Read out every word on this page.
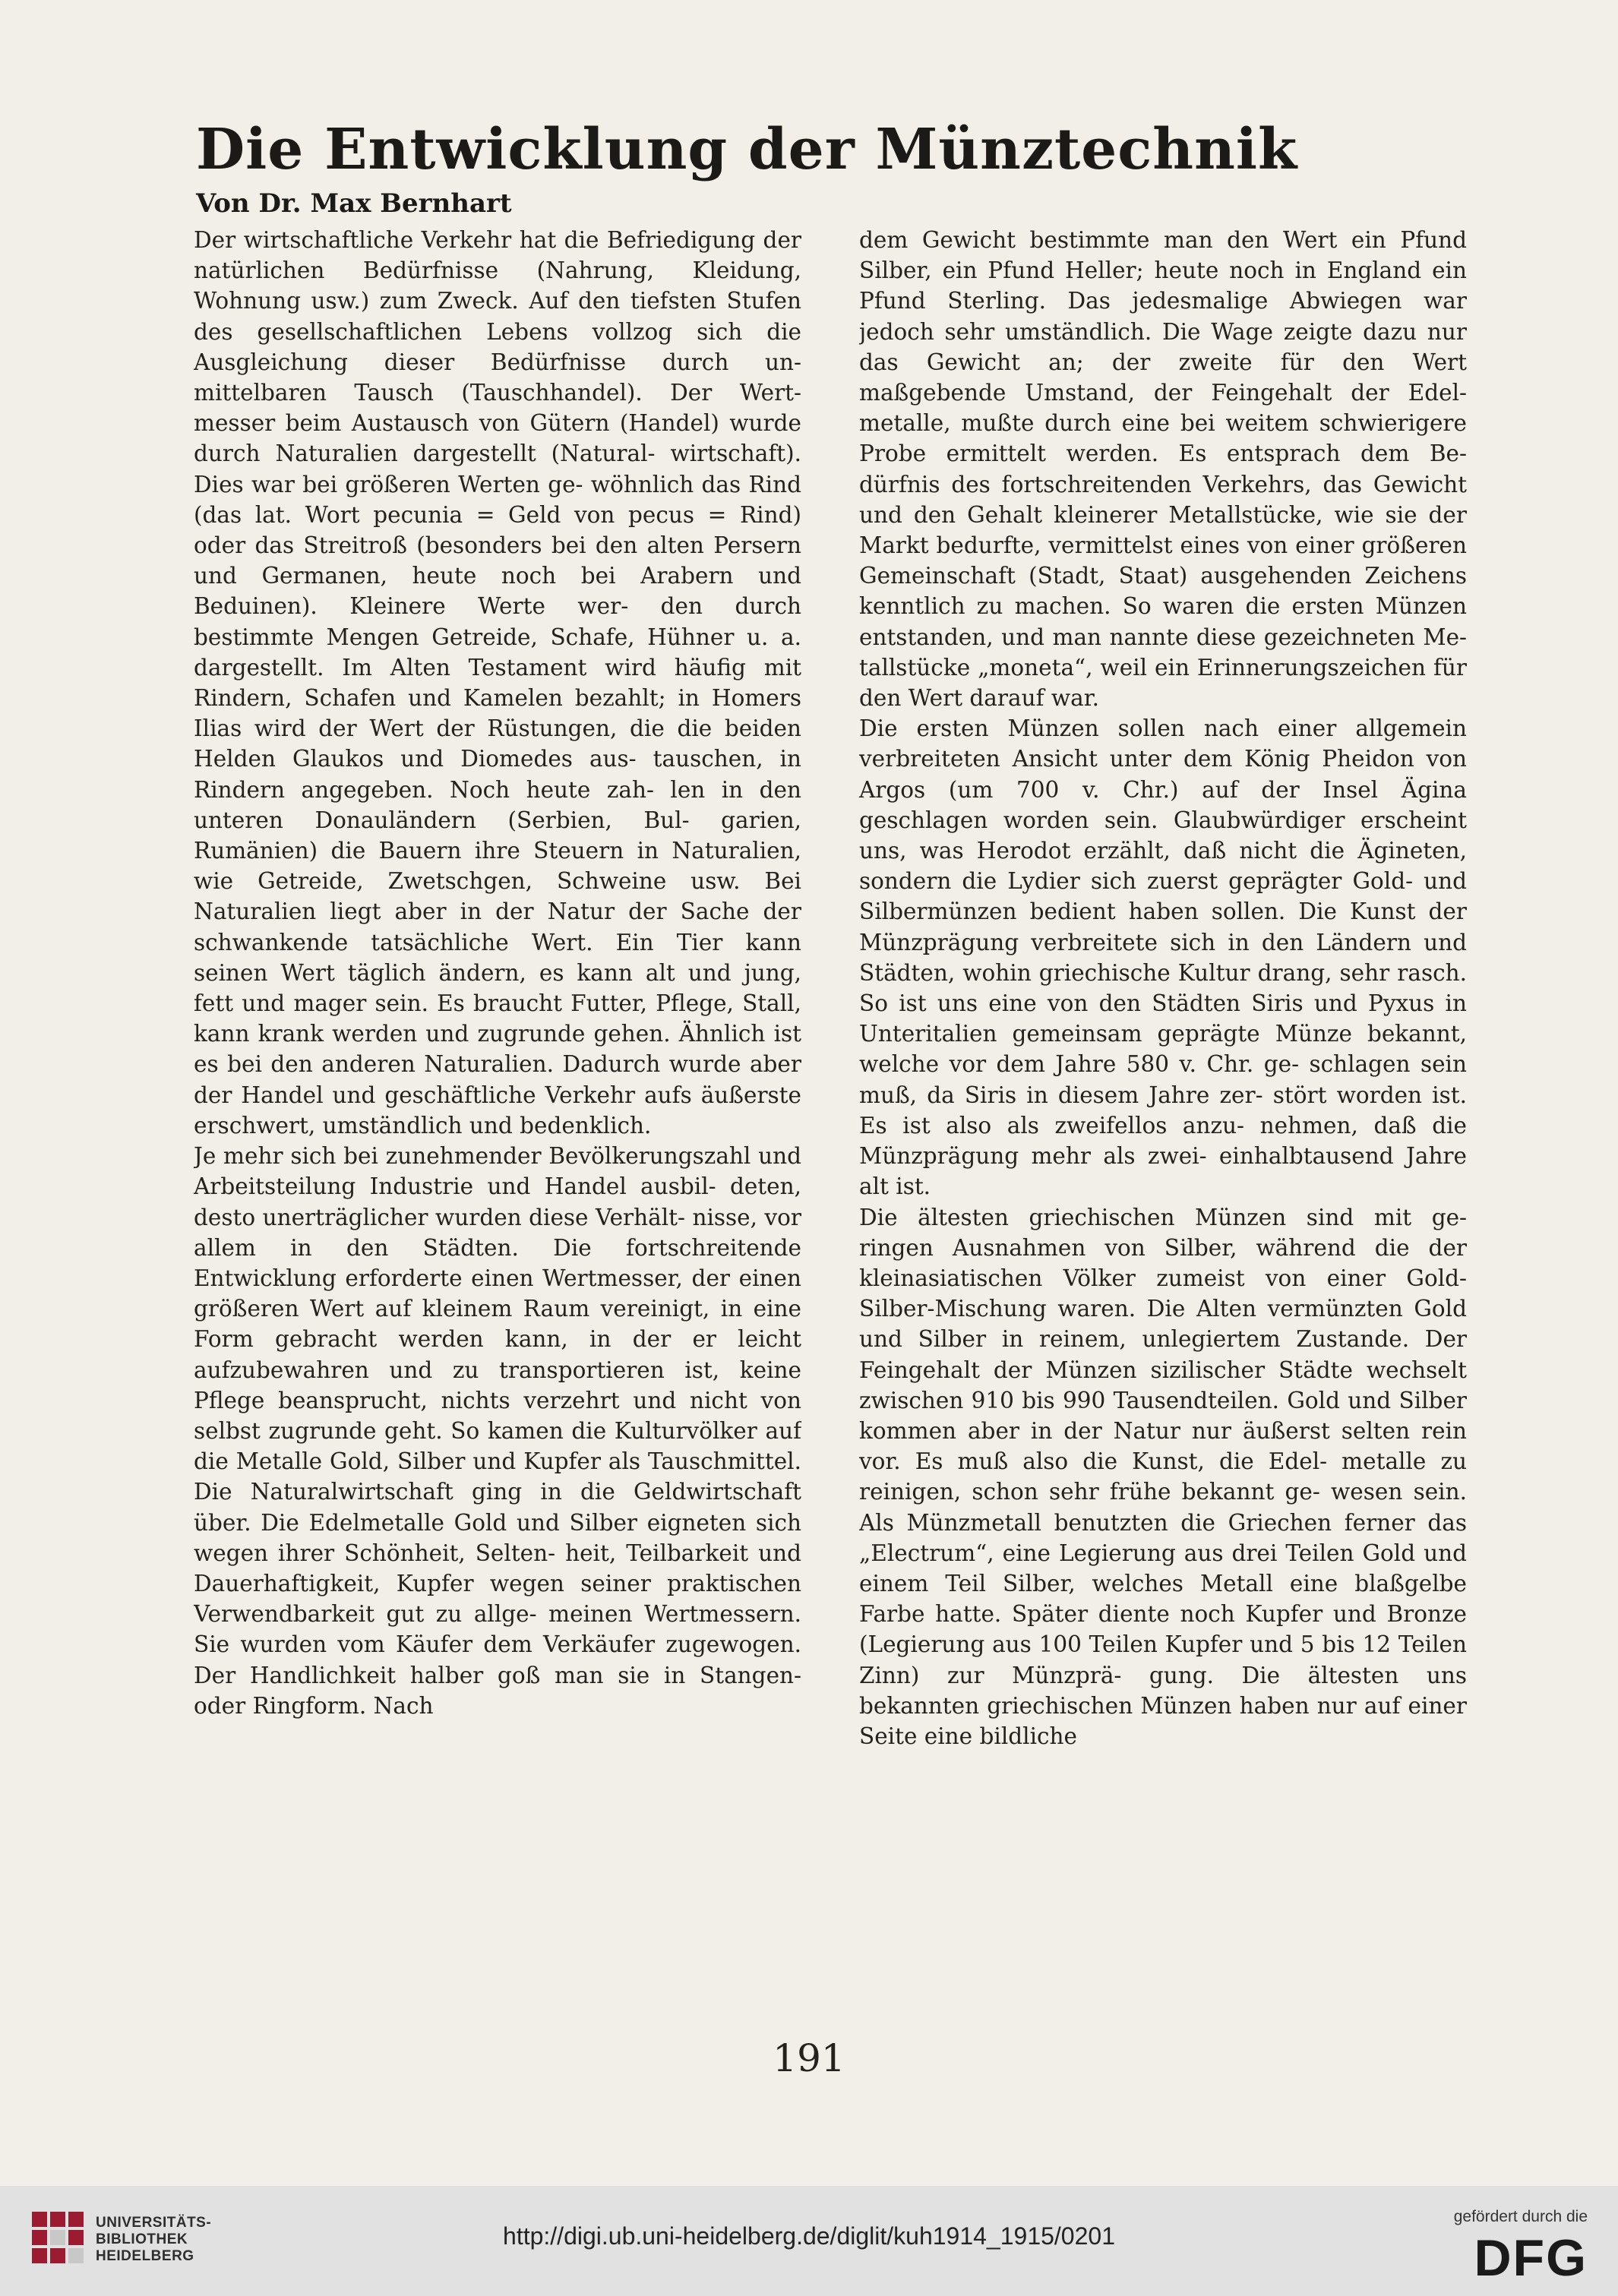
Die Entwicklung der Münztechnik
Von Dr. Max Bernhart

Der wirtschaftliche Verkehr hat die Befriedigung der natürlichen Bedürfnisse (Nahrung, Kleidung, Wohnung usw.) zum Zweck. Auf den tiefsten Stufen des gesellschaftlichen Lebens vollzog sich die Ausgleichung dieser Bedürfnisse durch un- mittelbaren Tausch (Tauschhandel). Der Wert- messer beim Austausch von Gütern (Handel) wurde durch Naturalien dargestellt (Natural- wirtschaft). Dies war bei größeren Werten ge- wöhnlich das Rind (das lat. Wort pecunia = Geld von pecus = Rind) oder das Streitroß (besonders bei den alten Persern und Germanen, heute noch bei Arabern und Beduinen). Kleinere Werte wer- den durch bestimmte Mengen Getreide, Schafe, Hühner u. a. dargestellt. Im Alten Testament wird häufig mit Rindern, Schafen und Kamelen bezahlt; in Homers Ilias wird der Wert der Rüstungen, die die beiden Helden Glaukos und Diomedes aus- tauschen, in Rindern angegeben. Noch heute zah- len in den unteren Donauländern (Serbien, Bul- garien, Rumänien) die Bauern ihre Steuern in Naturalien, wie Getreide, Zwetschgen, Schweine usw. Bei Naturalien liegt aber in der Natur der Sache der schwankende tatsächliche Wert. Ein Tier kann seinen Wert täglich ändern, es kann alt und jung, fett und mager sein. Es braucht Futter, Pflege, Stall, kann krank werden und zugrunde gehen. Ähnlich ist es bei den anderen Naturalien. Dadurch wurde aber der Handel und geschäftliche Verkehr aufs äußerste erschwert, umständlich und bedenklich.

Je mehr sich bei zunehmender Bevölkerungszahl und Arbeitsteilung Industrie und Handel ausbil- deten, desto unerträglicher wurden diese Verhält- nisse, vor allem in den Städten. Die fortschreitende Entwicklung erforderte einen Wertmesser, der einen größeren Wert auf kleinem Raum vereinigt, in eine Form gebracht werden kann, in der er leicht aufzubewahren und zu transportieren ist, keine Pflege beansprucht, nichts verzehrt und nicht von selbst zugrunde geht. So kamen die Kulturvölker auf die Metalle Gold, Silber und Kupfer als Tauschmittel. Die Naturalwirtschaft ging in die Geldwirtschaft über. Die Edelmetalle Gold und Silber eigneten sich wegen ihrer Schönheit, Selten- heit, Teilbarkeit und Dauerhaftigkeit, Kupfer wegen seiner praktischen Verwendbarkeit gut zu allge- meinen Wertmessern. Sie wurden vom Käufer dem Verkäufer zugewogen. Der Handlichkeit halber goß man sie in Stangen- oder Ringform. Nach

dem Gewicht bestimmte man den Wert ein Pfund Silber, ein Pfund Heller; heute noch in England ein Pfund Sterling. Das jedesmalige Abwiegen war jedoch sehr umständlich. Die Wage zeigte dazu nur das Gewicht an; der zweite für den Wert maßgebende Umstand, der Feingehalt der Edel- metalle, mußte durch eine bei weitem schwierigere Probe ermittelt werden. Es entsprach dem Be- dürfnis des fortschreitenden Verkehrs, das Gewicht und den Gehalt kleinerer Metallstücke, wie sie der Markt bedurfte, vermittelst eines von einer größeren Gemeinschaft (Stadt, Staat) ausgehenden Zeichens kenntlich zu machen. So waren die ersten Münzen entstanden, und man nannte diese gezeichneten Me- tallstücke „moneta“, weil ein Erinnerungszeichen für den Wert darauf war.

Die ersten Münzen sollen nach einer allgemein verbreiteten Ansicht unter dem König Pheidon von Argos (um 700 v. Chr.) auf der Insel Ägina geschlagen worden sein. Glaubwürdiger erscheint uns, was Herodot erzählt, daß nicht die Ägineten, sondern die Lydier sich zuerst geprägter Gold- und Silbermünzen bedient haben sollen. Die Kunst der Münzprägung verbreitete sich in den Ländern und Städten, wohin griechische Kultur drang, sehr rasch. So ist uns eine von den Städten Siris und Pyxus in Unteritalien gemeinsam geprägte Münze bekannt, welche vor dem Jahre 580 v. Chr. ge- schlagen sein muß, da Siris in diesem Jahre zer- stört worden ist. Es ist also als zweifellos anzu- nehmen, daß die Münzprägung mehr als zwei- einhalbtausend Jahre alt ist.

Die ältesten griechischen Münzen sind mit ge- ringen Ausnahmen von Silber, während die der kleinasiatischen Völker zumeist von einer Gold- Silber-Mischung waren. Die Alten vermünzten Gold und Silber in reinem, unlegiertem Zustande. Der Feingehalt der Münzen sizilischer Städte wechselt zwischen 910 bis 990 Tausendteilen. Gold und Silber kommen aber in der Natur nur äußerst selten rein vor. Es muß also die Kunst, die Edel- metalle zu reinigen, schon sehr frühe bekannt ge- wesen sein. Als Münzmetall benutzten die Griechen ferner das „Electrum“, eine Legierung aus drei Teilen Gold und einem Teil Silber, welches Metall eine blaßgelbe Farbe hatte. Später diente noch Kupfer und Bronze (Legierung aus 100 Teilen Kupfer und 5 bis 12 Teilen Zinn) zur Münzprä- gung. Die ältesten uns bekannten griechischen Münzen haben nur auf einer Seite eine bildliche

191
UNIVERSITÄTS-
BIBLIOTHEK
HEIDELBERG
http://digi.ub.uni-heidelberg.de/diglit/kuh1914_1915/0201
gefördert durch die
DFG
